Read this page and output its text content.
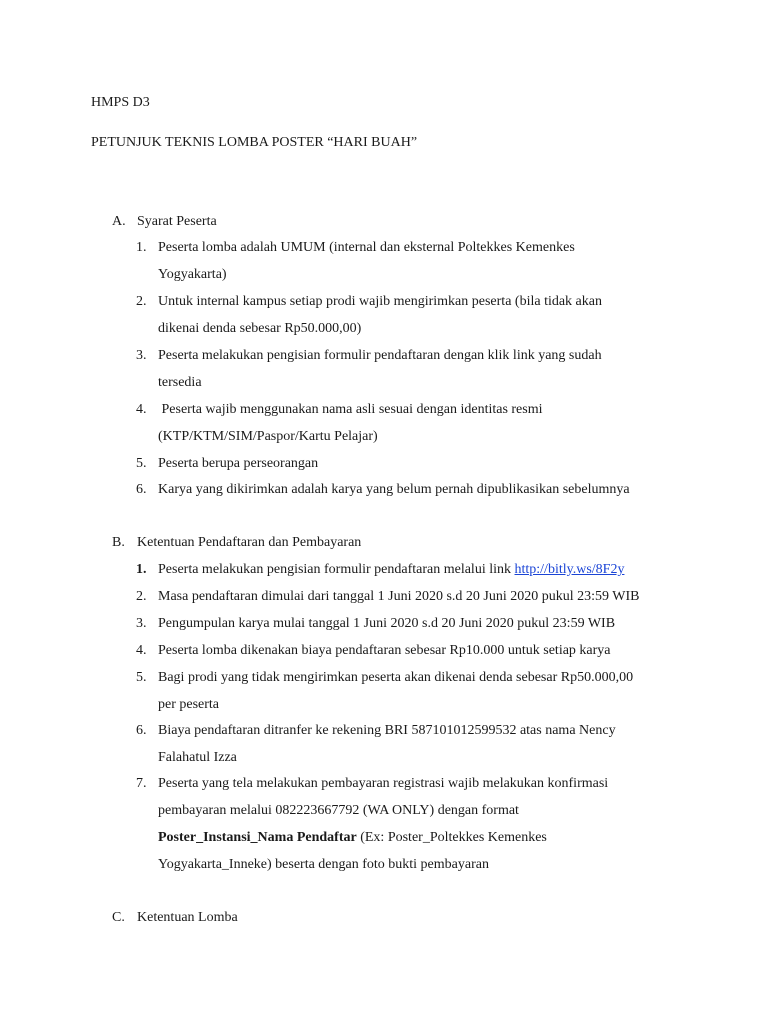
HMPS D3
PETUNJUK TEKNIS LOMBA POSTER “HARI BUAH”
A. Syarat Peserta
1. Peserta lomba adalah UMUM (internal dan eksternal Poltekkes Kemenkes
Yogyakarta)
2. Untuk internal kampus setiap prodi wajib mengirimkan peserta (bila tidak akan
dikenai denda sebesar Rp50.000,00)
3. Peserta melakukan pengisian formulir pendaftaran dengan klik link yang sudah
tersedia
4. Peserta wajib menggunakan nama asli sesuai dengan identitas resmi
(KTP/KTM/SIM/Paspor/Kartu Pelajar)
5. Peserta berupa perseorangan
6. Karya yang dikirimkan adalah karya yang belum pernah dipublikasikan sebelumnya
B. Ketentuan Pendaftaran dan Pembayaran
1. Peserta melakukan pengisian formulir pendaftaran melalui link http://bitly.ws/8F2y
2. Masa pendaftaran dimulai dari tanggal 1 Juni 2020 s.d 20 Juni 2020 pukul 23:59 WIB
3. Pengumpulan karya mulai tanggal 1 Juni 2020 s.d 20 Juni 2020 pukul 23:59 WIB
4. Peserta lomba dikenakan biaya pendaftaran sebesar Rp10.000 untuk setiap karya
5. Bagi prodi yang tidak mengirimkan peserta akan dikenai denda sebesar Rp50.000,00
per peserta
6. Biaya pendaftaran ditranfer ke rekening BRI 587101012599532 atas nama Nency
Falahatul Izza
7. Peserta yang tela melakukan pembayaran registrasi wajib melakukan konfirmasi
pembayaran melalui 082223667792 (WA ONLY) dengan format
Poster_Instansi_Nama Pendaftar (Ex: Poster_Poltekkes Kemenkes
Yogyakarta_Inneke) beserta dengan foto bukti pembayaran
C. Ketentuan Lomba
